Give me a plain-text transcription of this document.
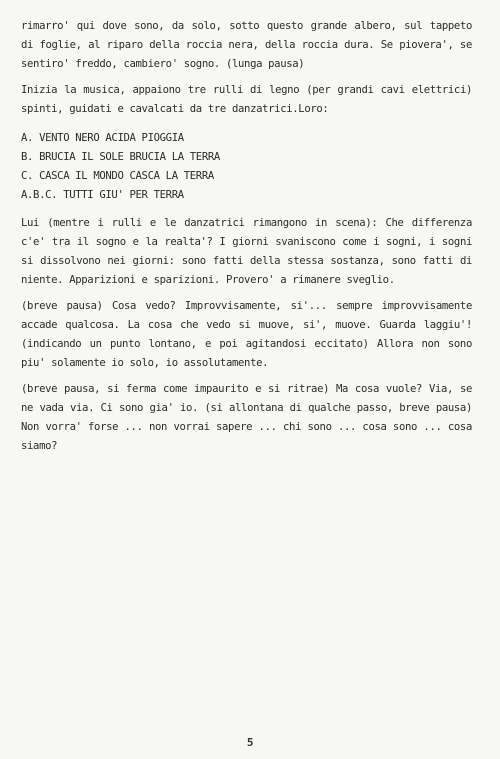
rimarro' qui dove sono, da solo, sotto questo grande albero, sul tappeto di foglie, al riparo della roccia nera, della roccia dura. Se piovera', se sentiro' freddo, cambiero' sogno. (lunga pausa)

Inizia la musica, appaiono tre rulli di legno (per grandi cavi elettrici) spinti, guidati e cavalcati da tre danzatrici.Loro:

A. VENTO NERO ACIDA PIOGGIA

B. BRUCIA IL SOLE BRUCIA LA TERRA

C. CASCA IL MONDO CASCA LA TERRA

A.B.C. TUTTI GIU' PER TERRA

Lui (mentre i rulli e le danzatrici rimangono in scena): Che differenza c'e' tra il sogno e la realta'? I giorni svaniscono come i sogni, i sogni si dissolvono nei giorni: sono fatti della stessa sostanza, sono fatti di niente. Apparizioni e sparizioni. Provero' a rimanere sveglio.

(breve pausa) Cosa vedo? Improvvisamente, si'... sempre improvvisamente accade qualcosa. La cosa che vedo si muove, si', muove. Guarda laggiu'! (indicando un punto lontano, e poi agitandosi eccitato) Allora non sono piu' solamente io solo, io assolutamente.

(breve pausa, si ferma come impaurito e si ritrae) Ma cosa vuole? Via, se ne vada via. Ci sono gia' io. (si allontana di qualche passo, breve pausa) Non vorra' forse ... non vorrai sapere ... chi sono ... cosa sono ... cosa siamo?

5
